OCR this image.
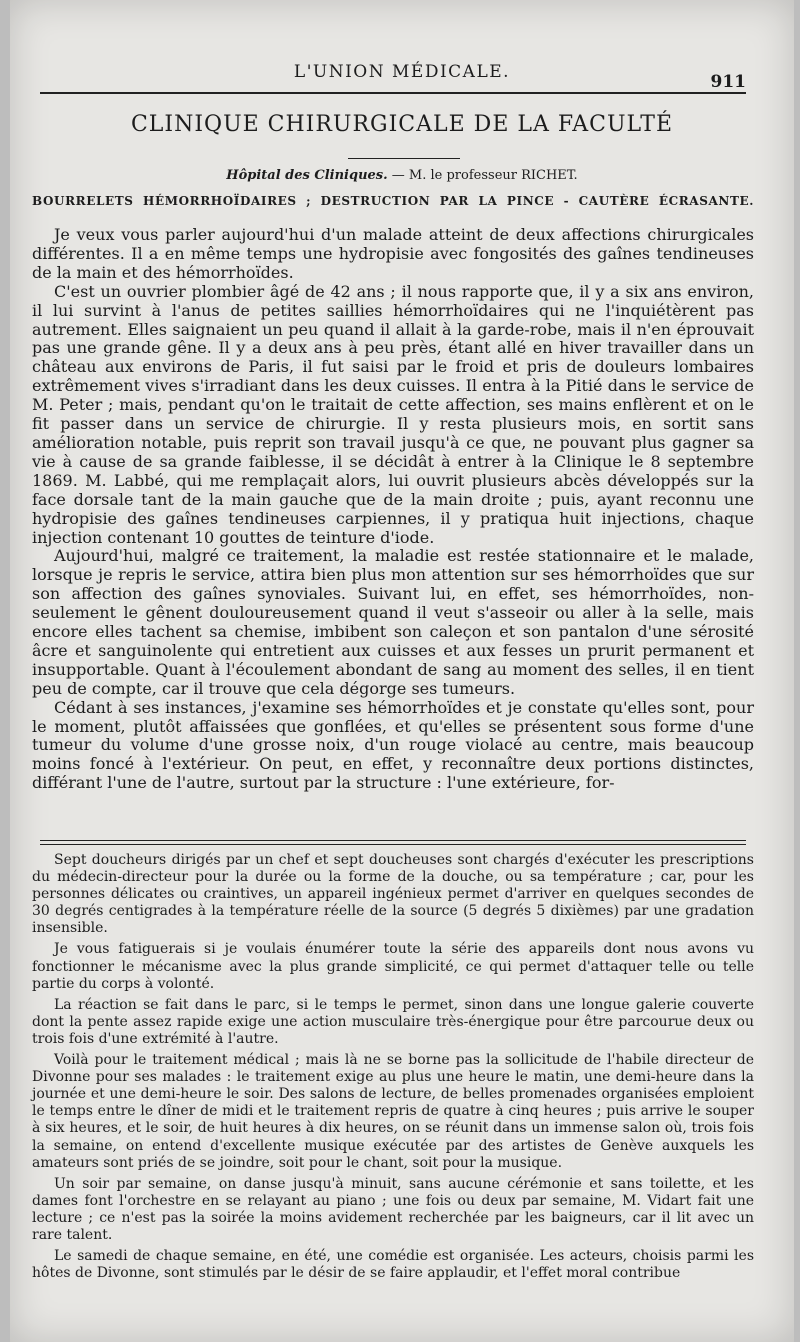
L'UNION MÉDICALE.	911
CLINIQUE CHIRURGICALE DE LA FACULTÉ
Hôpital des Cliniques. — M. le professeur RICHET.
BOURRELETS HÉMORRHOÏDAIRES ; DESTRUCTION PAR LA PINCE - CAUTÈRE ÉCRASANTE.

Je veux vous parler aujourd'hui d'un malade atteint de deux affections chirurgicales différentes. Il a en même temps une hydropisie avec fongosités des gaînes tendineuses de la main et des hémorrhoïdes.

C'est un ouvrier plombier âgé de 42 ans ; il nous rapporte que, il y a six ans environ, il lui survint à l'anus de petites saillies hémorrhoïdaires qui ne l'inquiétèrent pas autrement. Elles saignaient un peu quand il allait à la garde-robe, mais il n'en éprouvait pas une grande gêne. Il y a deux ans à peu près, étant allé en hiver travailler dans un château aux environs de Paris, il fut saisi par le froid et pris de douleurs lombaires extrêmement vives s'irradiant dans les deux cuisses. Il entra à la Pitié dans le service de M. Peter ; mais, pendant qu'on le traitait de cette affection, ses mains enflèrent et on le fit passer dans un service de chirurgie. Il y resta plusieurs mois, en sortit sans amélioration notable, puis reprit son travail jusqu'à ce que, ne pouvant plus gagner sa vie à cause de sa grande faiblesse, il se décidât à entrer à la Clinique le 8 septembre 1869. M. Labbé, qui me remplaçait alors, lui ouvrit plusieurs abcès développés sur la face dorsale tant de la main gauche que de la main droite ; puis, ayant reconnu une hydropisie des gaînes tendineuses carpiennes, il y pratiqua huit injections, chaque injection contenant 10 gouttes de teinture d'iode.

Aujourd'hui, malgré ce traitement, la maladie est restée stationnaire et le malade, lorsque je repris le service, attira bien plus mon attention sur ses hémorrhoïdes que sur son affection des gaînes synoviales. Suivant lui, en effet, ses hémorrhoïdes, non-seulement le gênent douloureusement quand il veut s'asseoir ou aller à la selle, mais encore elles tachent sa chemise, imbibent son caleçon et son pantalon d'une sérosité âcre et sanguinolente qui entretient aux cuisses et aux fesses un prurit permanent et insupportable. Quant à l'écoulement abondant de sang au moment des selles, il en tient peu de compte, car il trouve que cela dégorge ses tumeurs.

Cédant à ses instances, j'examine ses hémorrhoïdes et je constate qu'elles sont, pour le moment, plutôt affaissées que gonflées, et qu'elles se présentent sous forme d'une tumeur du volume d'une grosse noix, d'un rouge violacé au centre, mais beaucoup moins foncé à l'extérieur. On peut, en effet, y reconnaître deux portions distinctes, différant l'une de l'autre, surtout par la structure : l'une extérieure, for-

Sept doucheurs dirigés par un chef et sept doucheuses sont chargés d'exécuter les prescriptions du médecin-directeur pour la durée ou la forme de la douche, ou sa température ; car, pour les personnes délicates ou craintives, un appareil ingénieux permet d'arriver en quelques secondes de 30 degrés centigrades à la température réelle de la source (5 degrés 5 dixièmes) par une gradation insensible.

Je vous fatiguerais si je voulais énumérer toute la série des appareils dont nous avons vu fonctionner le mécanisme avec la plus grande simplicité, ce qui permet d'attaquer telle ou telle partie du corps à volonté.

La réaction se fait dans le parc, si le temps le permet, sinon dans une longue galerie couverte dont la pente assez rapide exige une action musculaire très-énergique pour être parcourue deux ou trois fois d'une extrémité à l'autre.

Voilà pour le traitement médical ; mais là ne se borne pas la sollicitude de l'habile directeur de Divonne pour ses malades : le traitement exige au plus une heure le matin, une demi-heure dans la journée et une demi-heure le soir. Des salons de lecture, de belles promenades organisées emploient le temps entre le dîner de midi et le traitement repris de quatre à cinq heures ; puis arrive le souper à six heures, et le soir, de huit heures à dix heures, on se réunit dans un immense salon où, trois fois la semaine, on entend d'excellente musique exécutée par des artistes de Genève auxquels les amateurs sont priés de se joindre, soit pour le chant, soit pour la musique.

Un soir par semaine, on danse jusqu'à minuit, sans aucune cérémonie et sans toilette, et les dames font l'orchestre en se relayant au piano ; une fois ou deux par semaine, M. Vidart fait une lecture ; ce n'est pas la soirée la moins avidement recherchée par les baigneurs, car il lit avec un rare talent.

Le samedi de chaque semaine, en été, une comédie est organisée. Les acteurs, choisis parmi les hôtes de Divonne, sont stimulés par le désir de se faire applaudir, et l'effet moral contribue
